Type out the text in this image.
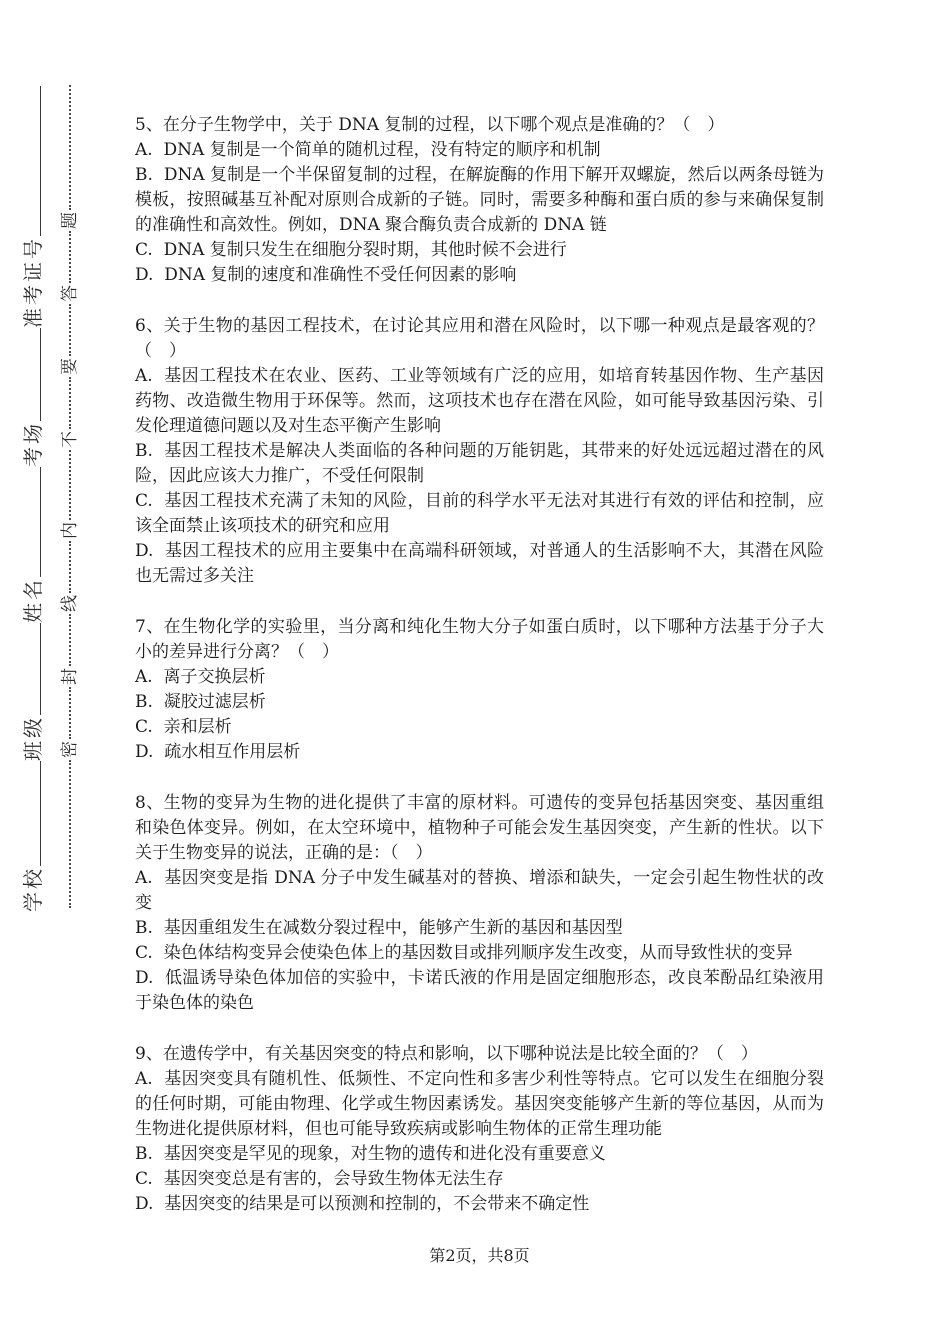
学校
班级
姓名
考场
准考证号
密
封
线
内
不
要
答
题

5、在分子生物学中，关于 DNA 复制的过程，以下哪个观点是准确的？（　）

A.  DNA 复制是一个简单的随机过程，没有特定的顺序和机制

B.  DNA 复制是一个半保留复制的过程，在解旋酶的作用下解开双螺旋，然后以两条母链为模板，按照碱基互补配对原则合成新的子链。同时，需要多种酶和蛋白质的参与来确保复制的准确性和高效性。例如，DNA 聚合酶负责合成新的 DNA 链

C.  DNA 复制只发生在细胞分裂时期，其他时候不会进行

D.  DNA 复制的速度和准确性不受任何因素的影响

6、关于生物的基因工程技术，在讨论其应用和潜在风险时，以下哪一种观点是最客观的？（　）

A.  基因工程技术在农业、医药、工业等领域有广泛的应用，如培育转基因作物、生产基因药物、改造微生物用于环保等。然而，这项技术也存在潜在风险，如可能导致基因污染、引发伦理道德问题以及对生态平衡产生影响

B.  基因工程技术是解决人类面临的各种问题的万能钥匙，其带来的好处远远超过潜在的风险，因此应该大力推广，不受任何限制

C.  基因工程技术充满了未知的风险，目前的科学水平无法对其进行有效的评估和控制，应该全面禁止该项技术的研究和应用

D.  基因工程技术的应用主要集中在高端科研领域，对普通人的生活影响不大，其潜在风险也无需过多关注

7、在生物化学的实验里，当分离和纯化生物大分子如蛋白质时，以下哪种方法基于分子大小的差异进行分离？（　）

A.  离子交换层析

B.  凝胶过滤层析

C.  亲和层析

D.  疏水相互作用层析

8、生物的变异为生物的进化提供了丰富的原材料。可遗传的变异包括基因突变、基因重组和染色体变异。例如，在太空环境中，植物种子可能会发生基因突变，产生新的性状。以下关于生物变异的说法，正确的是：（　）

A.  基因突变是指 DNA 分子中发生碱基对的替换、增添和缺失，一定会引起生物性状的改变

B.  基因重组发生在减数分裂过程中，能够产生新的基因和基因型

C.  染色体结构变异会使染色体上的基因数目或排列顺序发生改变，从而导致性状的变异

D.  低温诱导染色体加倍的实验中，卡诺氏液的作用是固定细胞形态，改良苯酚品红染液用于染色体的染色

9、在遗传学中，有关基因突变的特点和影响，以下哪种说法是比较全面的？（　）

A.  基因突变具有随机性、低频性、不定向性和多害少利性等特点。它可以发生在细胞分裂的任何时期，可能由物理、化学或生物因素诱发。基因突变能够产生新的等位基因，从而为生物进化提供原材料，但也可能导致疾病或影响生物体的正常生理功能

B.  基因突变是罕见的现象，对生物的遗传和进化没有重要意义

C.  基因突变总是有害的，会导致生物体无法生存

D.  基因突变的结果是可以预测和控制的，不会带来不确定性

第2页，共8页
